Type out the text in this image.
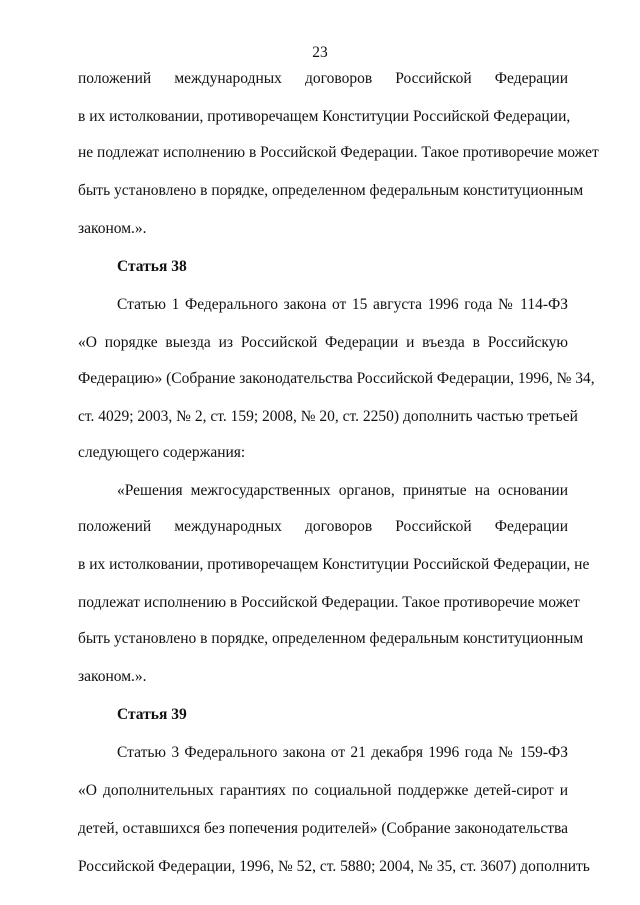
23
положений международных договоров Российской Федерации
в их истолковании, противоречащем Конституции Российской Федерации,
не подлежат исполнению в Российской Федерации. Такое противоречие может
быть установлено в порядке, определенном федеральным конституционным
законом.».
Статья 38
Статью 1 Федерального закона от 15 августа 1996 года № 114-ФЗ
«О порядке выезда из Российской Федерации и въезда в Российскую
Федерацию» (Собрание законодательства Российской Федерации, 1996, № 34,
ст. 4029; 2003, № 2, ст. 159; 2008, № 20, ст. 2250) дополнить частью третьей
следующего содержания:
«Решения межгосударственных органов, принятые на основании
положений международных договоров Российской Федерации
в их истолковании, противоречащем Конституции Российской Федерации, не
подлежат исполнению в Российской Федерации. Такое противоречие может
быть установлено в порядке, определенном федеральным конституционным
законом.».
Статья 39
Статью 3 Федерального закона от 21 декабря 1996 года № 159-ФЗ
«О дополнительных гарантиях по социальной поддержке детей-сирот и
детей, оставшихся без попечения родителей» (Собрание законодательства
Российской Федерации, 1996, № 52, ст. 5880; 2004, № 35, ст. 3607) дополнить
